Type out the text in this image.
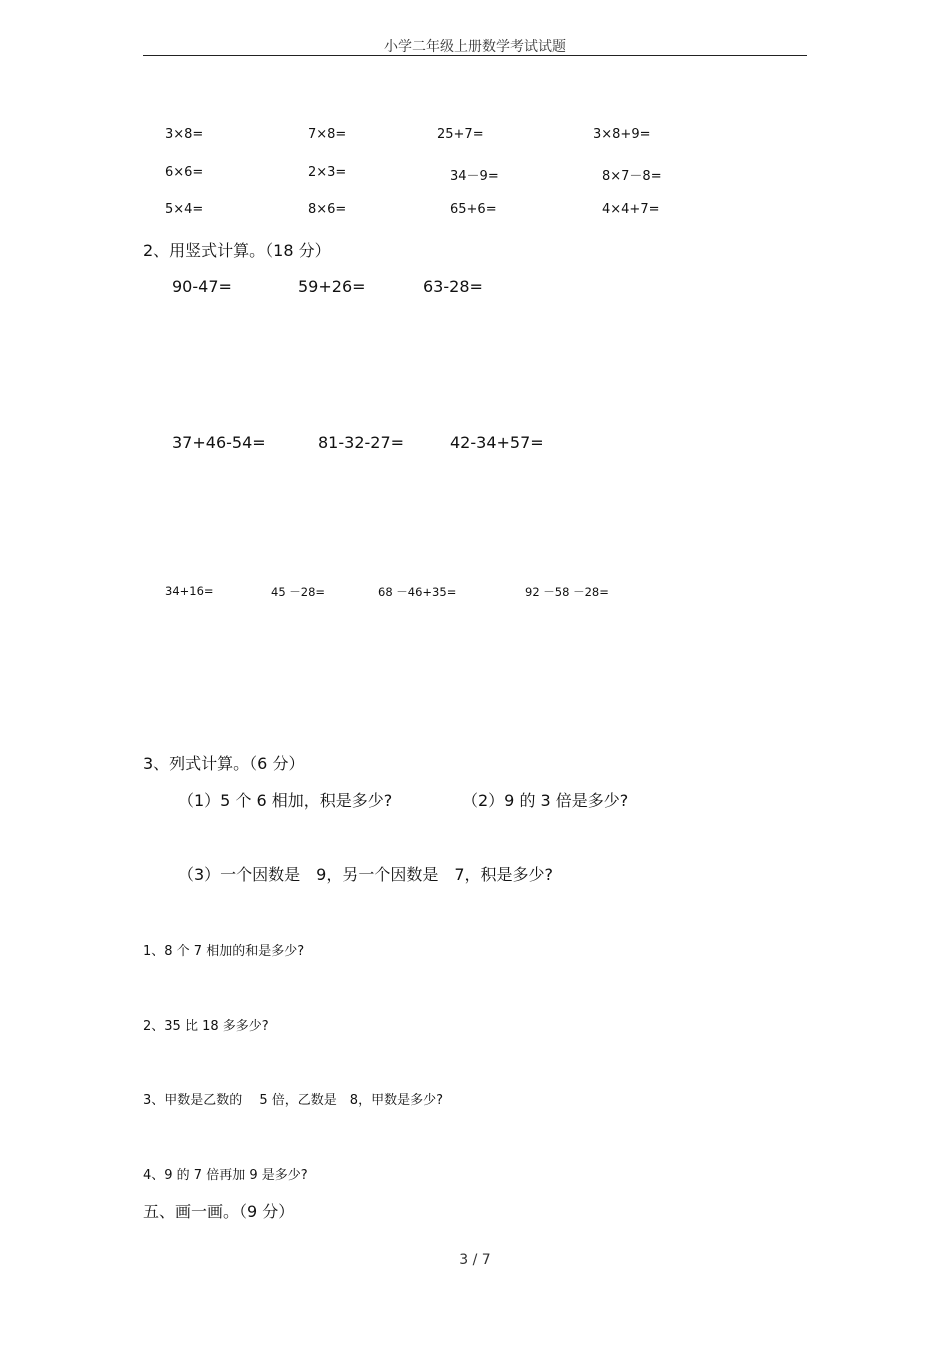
小学二年级上册数学考试试题
3×8=	7×8=	25+7=	3×8+9=
6×6=	2×3=	34－9=	8×7－8=
5×4=	8×6=	65+6=	4×4+7=
2、用竖式计算。（18 分）
90-47=	59+26=	63-28=
37+46-54=	81-32-27=	42-34+57=
34+16=	45 －28=	68 －46+35=	92 －58 －28=
3、列式计算。（6 分）
（1）5 个 6 相加，积是多少?	（2）9 的 3 倍是多少?
（3）一个因数是　9，另一个因数是　7，积是多少?
1、8 个 7 相加的和是多少?
2、35 比 18 多多少?
3、甲数是乙数的　 5 倍，乙数是　8，甲数是多少?
4、9 的 7 倍再加 9 是多少?
五、画一画。（9 分）
3 / 7
